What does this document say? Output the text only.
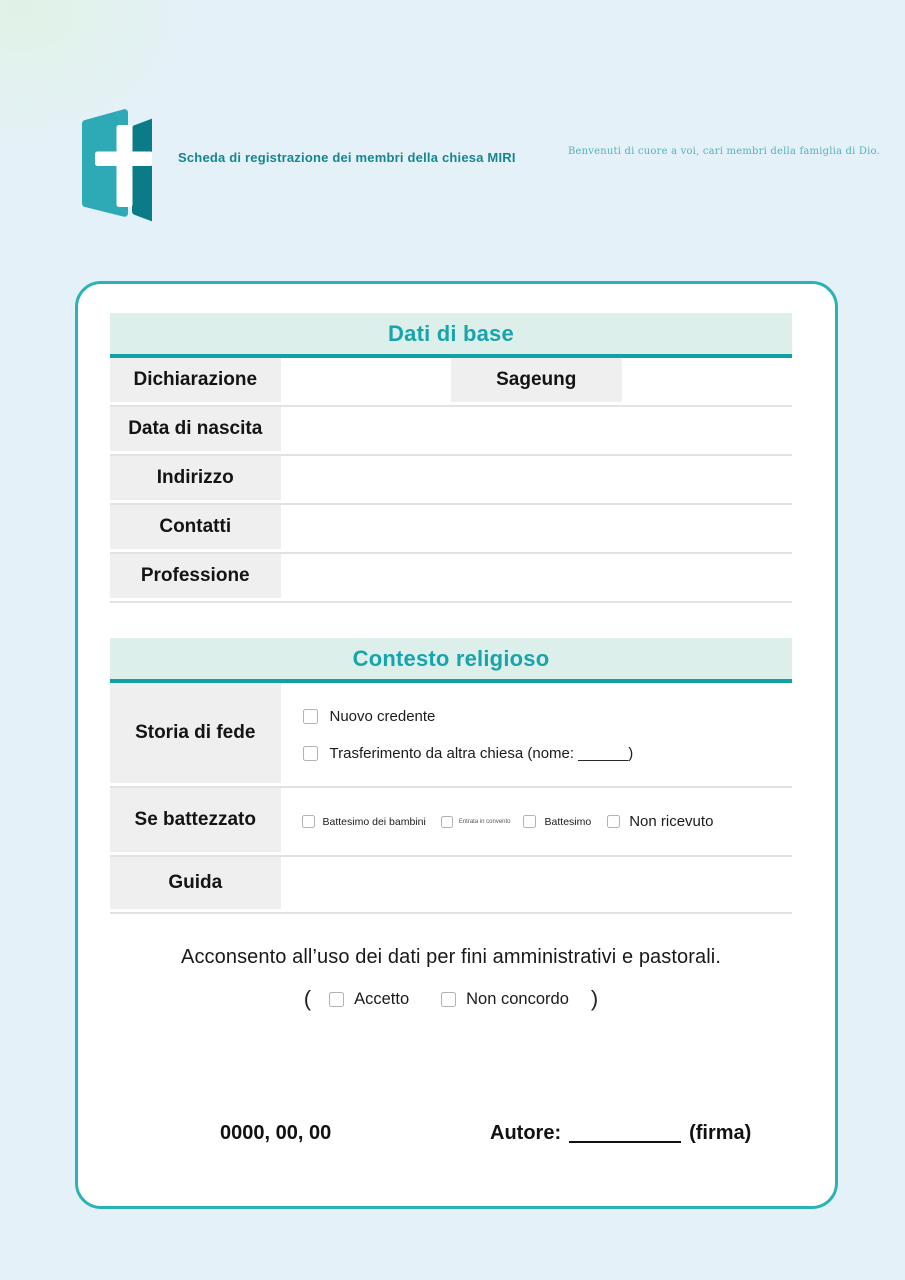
Scheda di registrazione dei membri della chiesa MIRI	Benvenuti di cuore a voi, cari membri della famiglia di Dio.
Dati di base
Dichiarazione	Sageung
Data di nascita
Indirizzo
Contatti
Professione
Contesto religioso
Storia di fede
Nuovo credente
Trasferimento da altra chiesa (nome: ______)
Se battezzato	Battesimo dei bambini	Entrata in convento	Battesimo	Non ricevuto
Guida
Acconsento all’uso dei dati per fini amministrativi e pastorali.
(	Accetto	Non concordo )
0000, 00, 00	Autore:	(firma)
